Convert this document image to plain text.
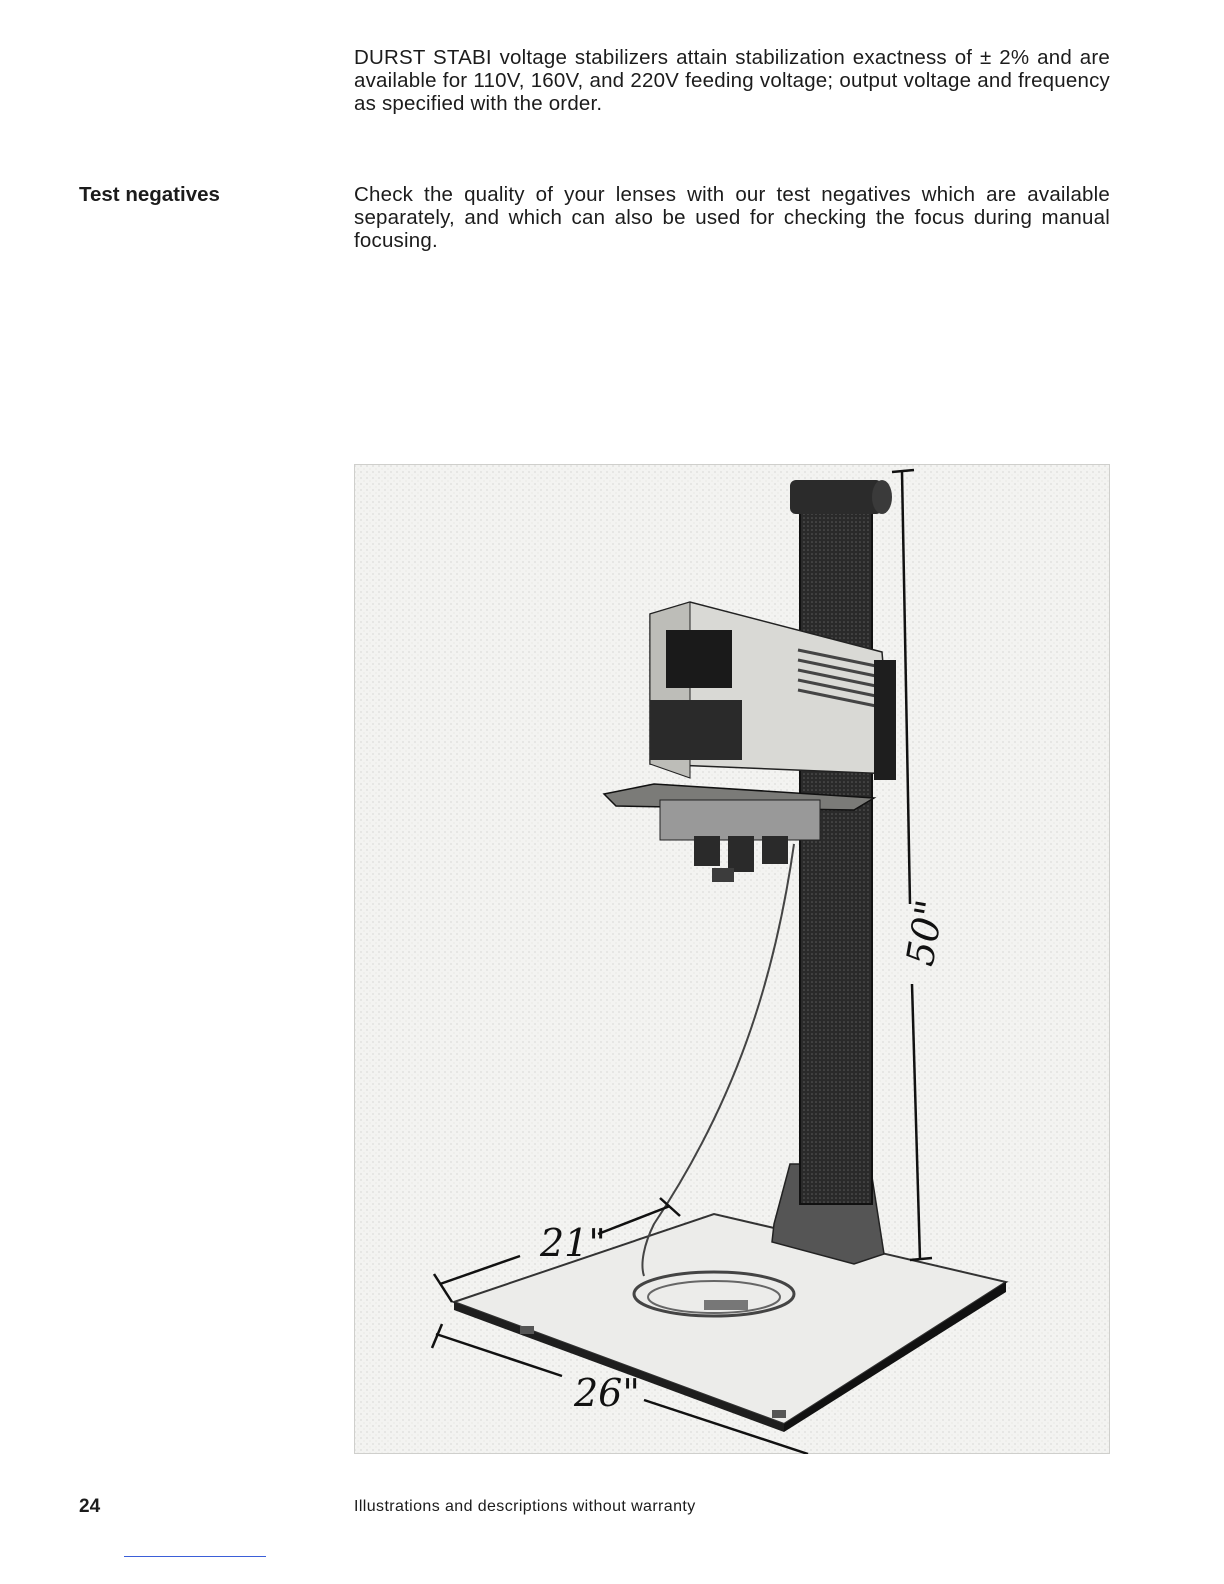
DURST STABI voltage stabilizers attain stabilization exactness of ± 2% and are available for 110V, 160V, and 220V feeding voltage; output voltage and frequency as specified with the order.
Test negatives	Check the quality of your lenses with our test negatives which are available separately, and which can also be used for checking the focus during manual focusing.
50"
21"
26"
24	Illustrations and descriptions without warranty
